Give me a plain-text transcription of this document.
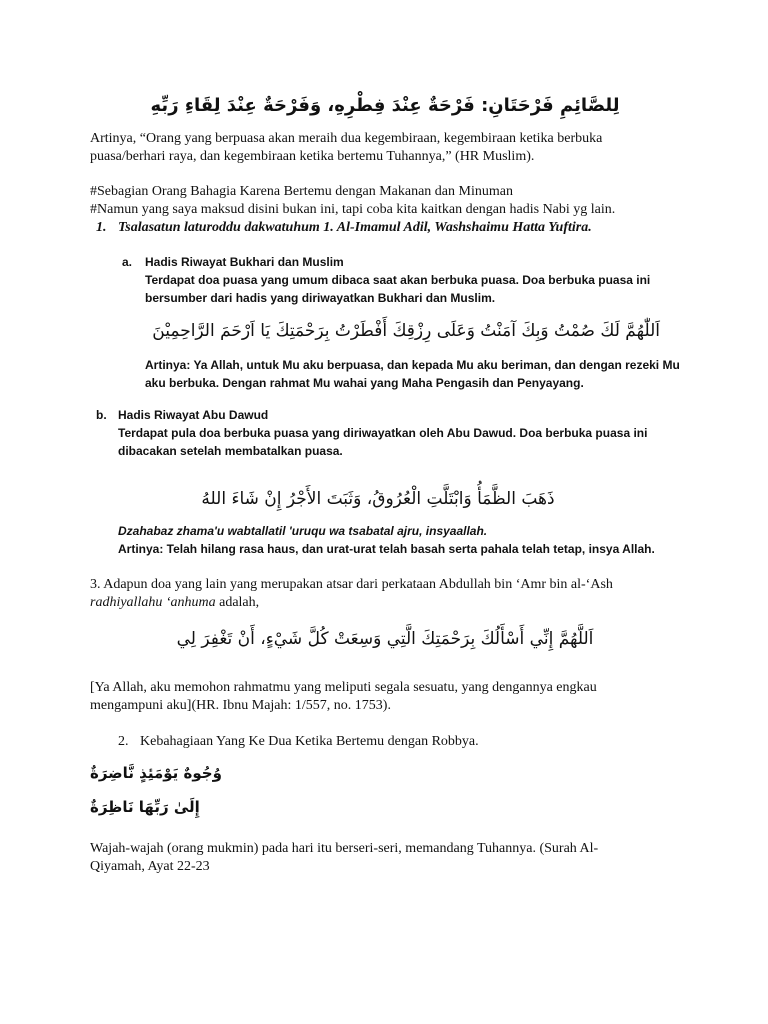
لِلصَّائِمِ فَرْحَتَانِ: فَرْحَةٌ عِنْدَ فِطْرِهِ، وَفَرْحَةٌ عِنْدَ لِقَاءِ رَبِّهِ
Artinya, “Orang yang berpuasa akan meraih dua kegembiraan, kegembiraan ketika berbuka
puasa/berhari raya, dan kegembiraan ketika bertemu Tuhannya,” (HR Muslim).
#Sebagian Orang Bahagia Karena Bertemu dengan Makanan dan Minuman
#Namun yang saya maksud disini bukan ini, tapi coba kita kaitkan dengan hadis Nabi yg lain.
1. Tsalasatun laturoddu dakwatuhum 1. Al-Imamul Adil, Washshaimu Hatta Yuftira.
a. Hadis Riwayat Bukhari dan Muslim
Terdapat doa puasa yang umum dibaca saat akan berbuka puasa. Doa berbuka puasa ini
bersumber dari hadis yang diriwayatkan Bukhari dan Muslim.
اَللّٰهُمَّ لَكَ صُمْتُ وَبِكَ آمَنْتُ وَعَلَى رِزْقِكَ أَفْطَرْتُ بِرَحْمَتِكَ يَا اَرْحَمَ الرَّاحِمِيْنَ
Artinya: Ya Allah, untuk Mu aku berpuasa, dan kepada Mu aku beriman, dan dengan rezeki Mu
aku berbuka. Dengan rahmat Mu wahai yang Maha Pengasih dan Penyayang.
b. Hadis Riwayat Abu Dawud
Terdapat pula doa berbuka puasa yang diriwayatkan oleh Abu Dawud. Doa berbuka puasa ini
dibacakan setelah membatalkan puasa.
ذَهَبَ الظَّمَأُ وَابْتَلَّتِ الْعُرُوقُ، وَثَبَتَ الأَجْرُ إِنْ شَاءَ اللهُ
Dzahabaz zhama'u wabtallatil 'uruqu wa tsabatal ajru, insyaallah.
Artinya: Telah hilang rasa haus, dan urat-urat telah basah serta pahala telah tetap, insya Allah.
3. Adapun doa yang lain yang merupakan atsar dari perkataan Abdullah bin ‘Amr bin al-‘Ash
radhiyallahu ‘anhuma adalah,
اَللَّهُمَّ إِنِّي أَسْأَلُكَ بِرَحْمَتِكَ الَّتِي وَسِعَتْ كُلَّ شَيْءٍ، أَنْ تَغْفِرَ لِي
[Ya Allah, aku memohon rahmatmu yang meliputi segala sesuatu, yang dengannya engkau
mengampuni aku](HR. Ibnu Majah: 1/557, no. 1753).
2. Kebahagiaan Yang Ke Dua Ketika Bertemu dengan Robbya.
وُجُوهٌ يَوْمَئِذٍ نَّاضِرَةٌ
إِلَىٰ رَبِّهَا نَاظِرَةٌ
Wajah-wajah (orang mukmin) pada hari itu berseri-seri, memandang Tuhannya. (Surah Al-
Qiyamah, Ayat 22-23
